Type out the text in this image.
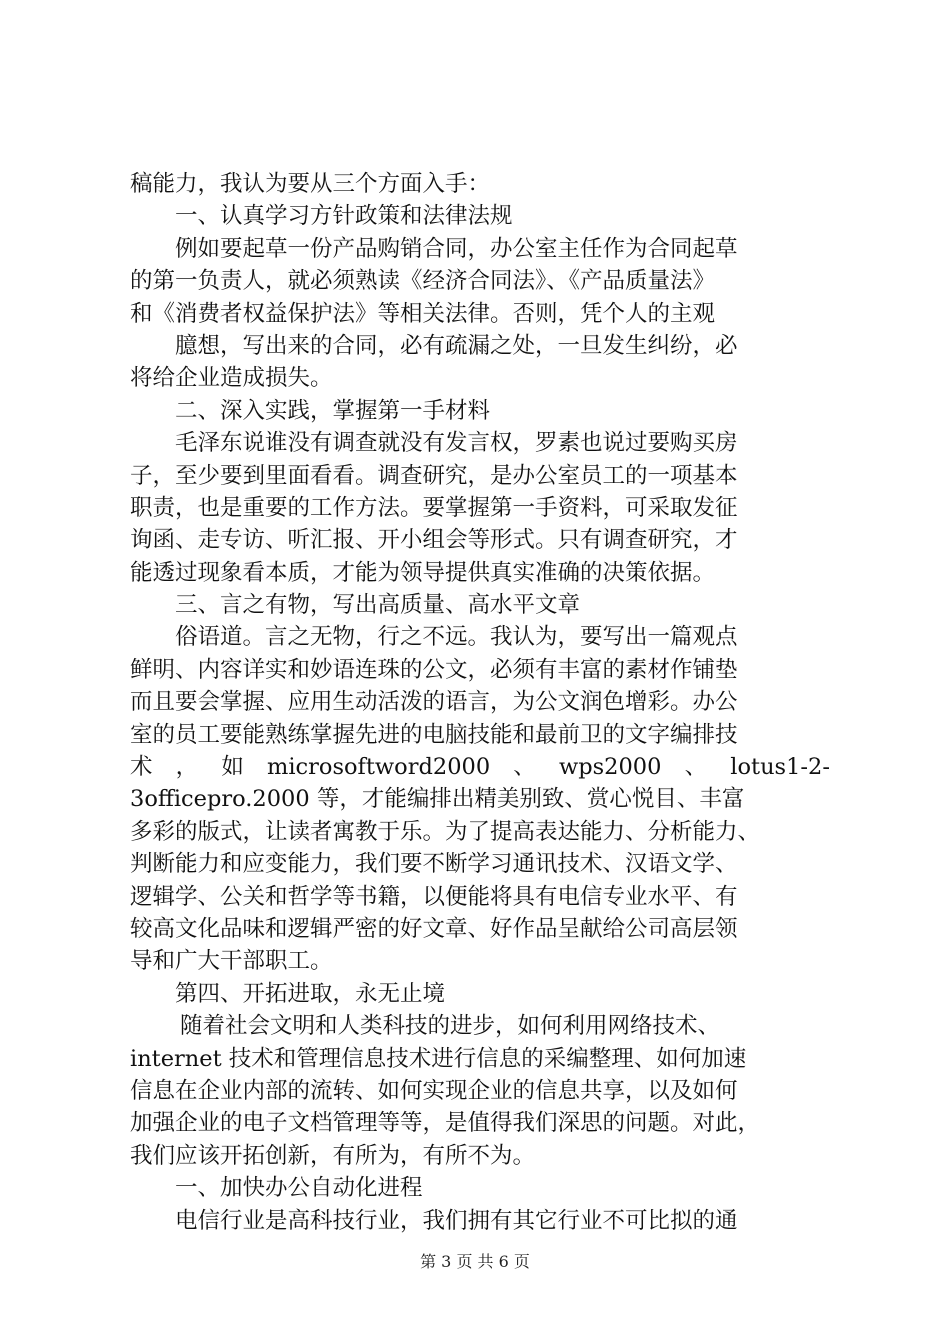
稿能力，我认为要从三个方面入手：
一、认真学习方针政策和法律法规
例如要起草一份产品购销合同，办公室主任作为合同起草
的第一负责人，就必须熟读《经济合同法》、《产品质量法》
和《消费者权益保护法》等相关法律。否则，凭个人的主观
臆想，写出来的合同，必有疏漏之处，一旦发生纠纷，必
将给企业造成损失。
二、深入实践，掌握第一手材料
毛泽东说谁没有调查就没有发言权，罗素也说过要购买房
子，至少要到里面看看。调查研究，是办公室员工的一项基本
职责，也是重要的工作方法。要掌握第一手资料，可采取发征
询函、走专访、听汇报、开小组会等形式。只有调查研究，才
能透过现象看本质，才能为领导提供真实准确的决策依据。
三、言之有物，写出高质量、高水平文章
俗语道。言之无物，行之不远。我认为，要写出一篇观点
鲜明、内容详实和妙语连珠的公文，必须有丰富的素材作铺垫
而且要会掌握、应用生动活泼的语言，为公文润色增彩。办公
室的员工要能熟练掌握先进的电脑技能和最前卫的文字编排技
术 ， 如 microsoftword2000 、 wps2000 、 lotus1-2-
3officepro.2000 等，才能编排出精美别致、赏心悦目、丰富
多彩的版式，让读者寓教于乐。为了提高表达能力、分析能力、
判断能力和应变能力，我们要不断学习通讯技术、汉语文学、
逻辑学、公关和哲学等书籍，以便能将具有电信专业水平、有
较高文化品味和逻辑严密的好文章、好作品呈献给公司高层领
导和广大干部职工。
第四、开拓进取，永无止境
随着社会文明和人类科技的进步，如何利用网络技术、
internet 技术和管理信息技术进行信息的采编整理、如何加速
信息在企业内部的流转、如何实现企业的信息共享，以及如何
加强企业的电子文档管理等等，是值得我们深思的问题。对此，
我们应该开拓创新，有所为，有所不为。
一、加快办公自动化进程
电信行业是高科技行业，我们拥有其它行业不可比拟的通
第 3 页 共 6 页
